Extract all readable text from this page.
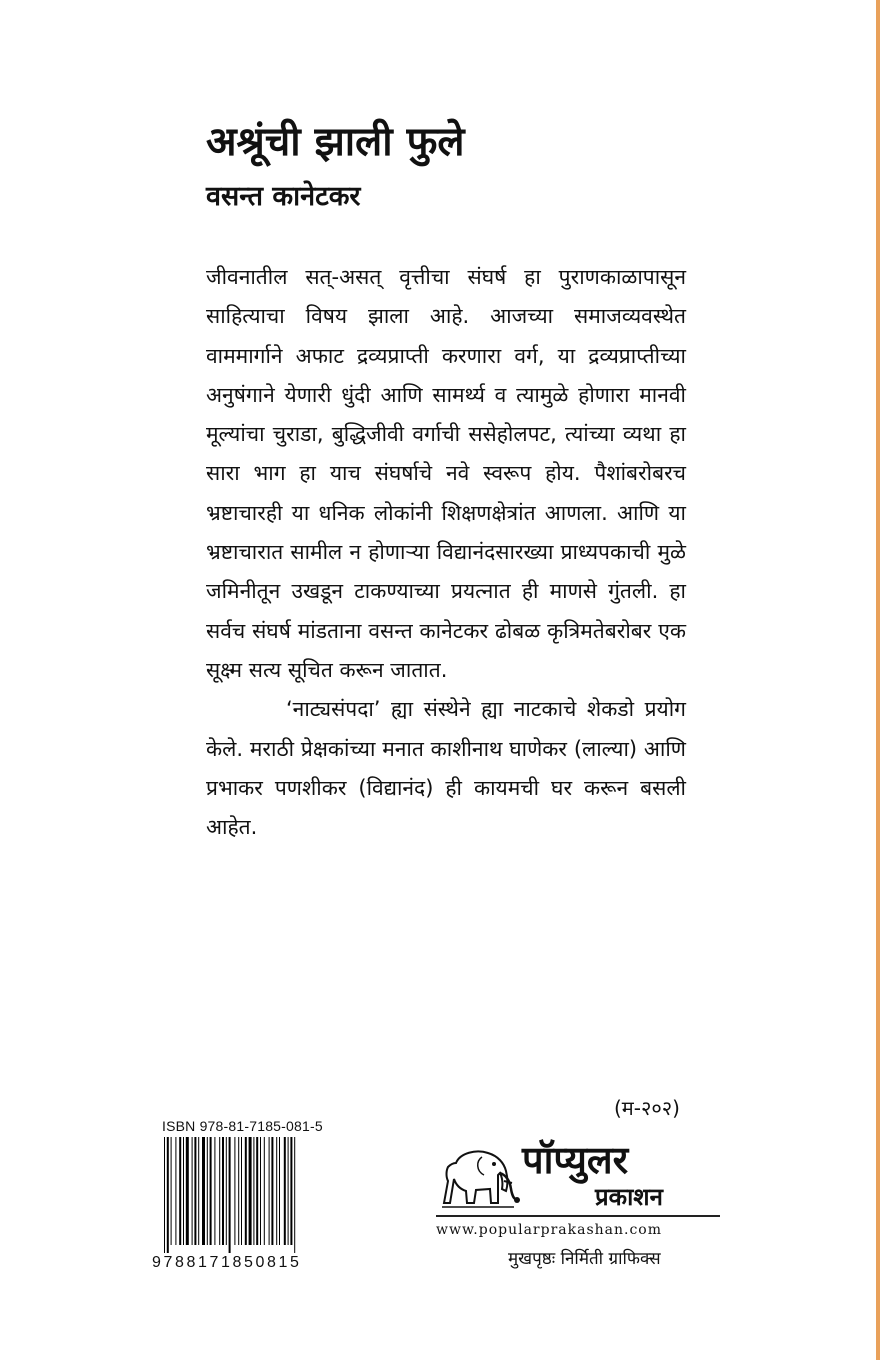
अश्रूंची झाली फुले
वसन्त कानेटकर

जीवनातील सत्-असत् वृत्तीचा संघर्ष हा पुराणकाळापासून साहित्याचा विषय झाला आहे. आजच्या समाजव्यवस्थेत वाममार्गाने अफाट द्रव्यप्राप्ती करणारा वर्ग, या द्रव्यप्राप्तीच्या अनुषंगाने येणारी धुंदी आणि सामर्थ्य व त्यामुळे होणारा मानवी मूल्यांचा चुराडा, बुद्धिजीवी वर्गाची ससेहोलपट, त्यांच्या व्यथा हा सारा भाग हा याच संघर्षाचे नवे स्वरूप होय. पैशांबरोबरच भ्रष्टाचारही या धनिक लोकांनी शिक्षणक्षेत्रांत आणला. आणि या भ्रष्टाचारात सामील न होणाऱ्या विद्यानंदसारख्या प्राध्यपकाची मुळे जमिनीतून उखडून टाकण्याच्या प्रयत्नात ही माणसे गुंतली. हा सर्वच संघर्ष मांडताना वसन्त कानेटकर ढोबळ कृत्रिमतेबरोबर एक सूक्ष्म सत्य सूचित करून जातात.

‘नाट्यसंपदा’ ह्या संस्थेने ह्या नाटकाचे शेकडो प्रयोग केले. मराठी प्रेक्षकांच्या मनात काशीनाथ घाणेकर (लाल्या) आणि प्रभाकर पणशीकर (विद्यानंद) ही कायमची घर करून बसली आहेत.

(म-२०२)
ISBN 978-81-7185-081-5
9788171850815
पॉप्युलर
प्रकाशन
www.popularprakashan.com
मुखपृष्ठः निर्मिती ग्राफिक्स
